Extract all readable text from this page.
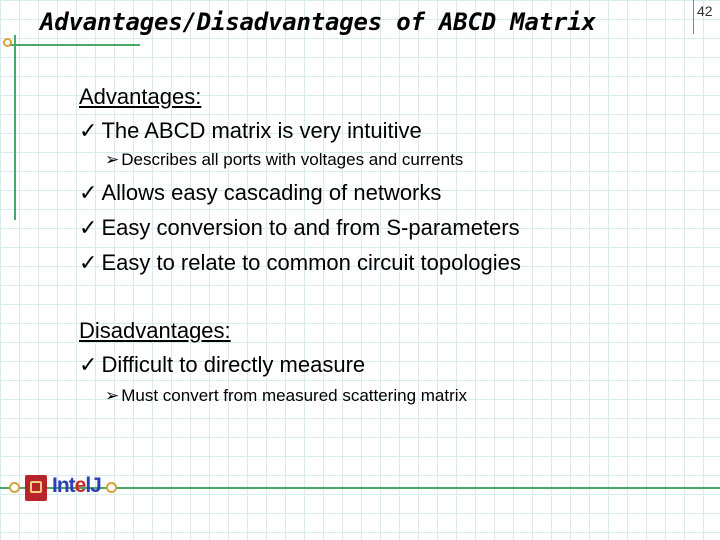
42
Advantages/Disadvantages of ABCD Matrix
Advantages:
✓ The ABCD matrix is very intuitive
➢ Describes all ports with voltages and currents
✓ Allows easy cascading of networks
✓ Easy conversion to and from S-parameters
✓ Easy to relate to common circuit topologies
Disadvantages:
✓ Difficult to directly measure
➢ Must convert from measured scattering matrix
IntelJ
